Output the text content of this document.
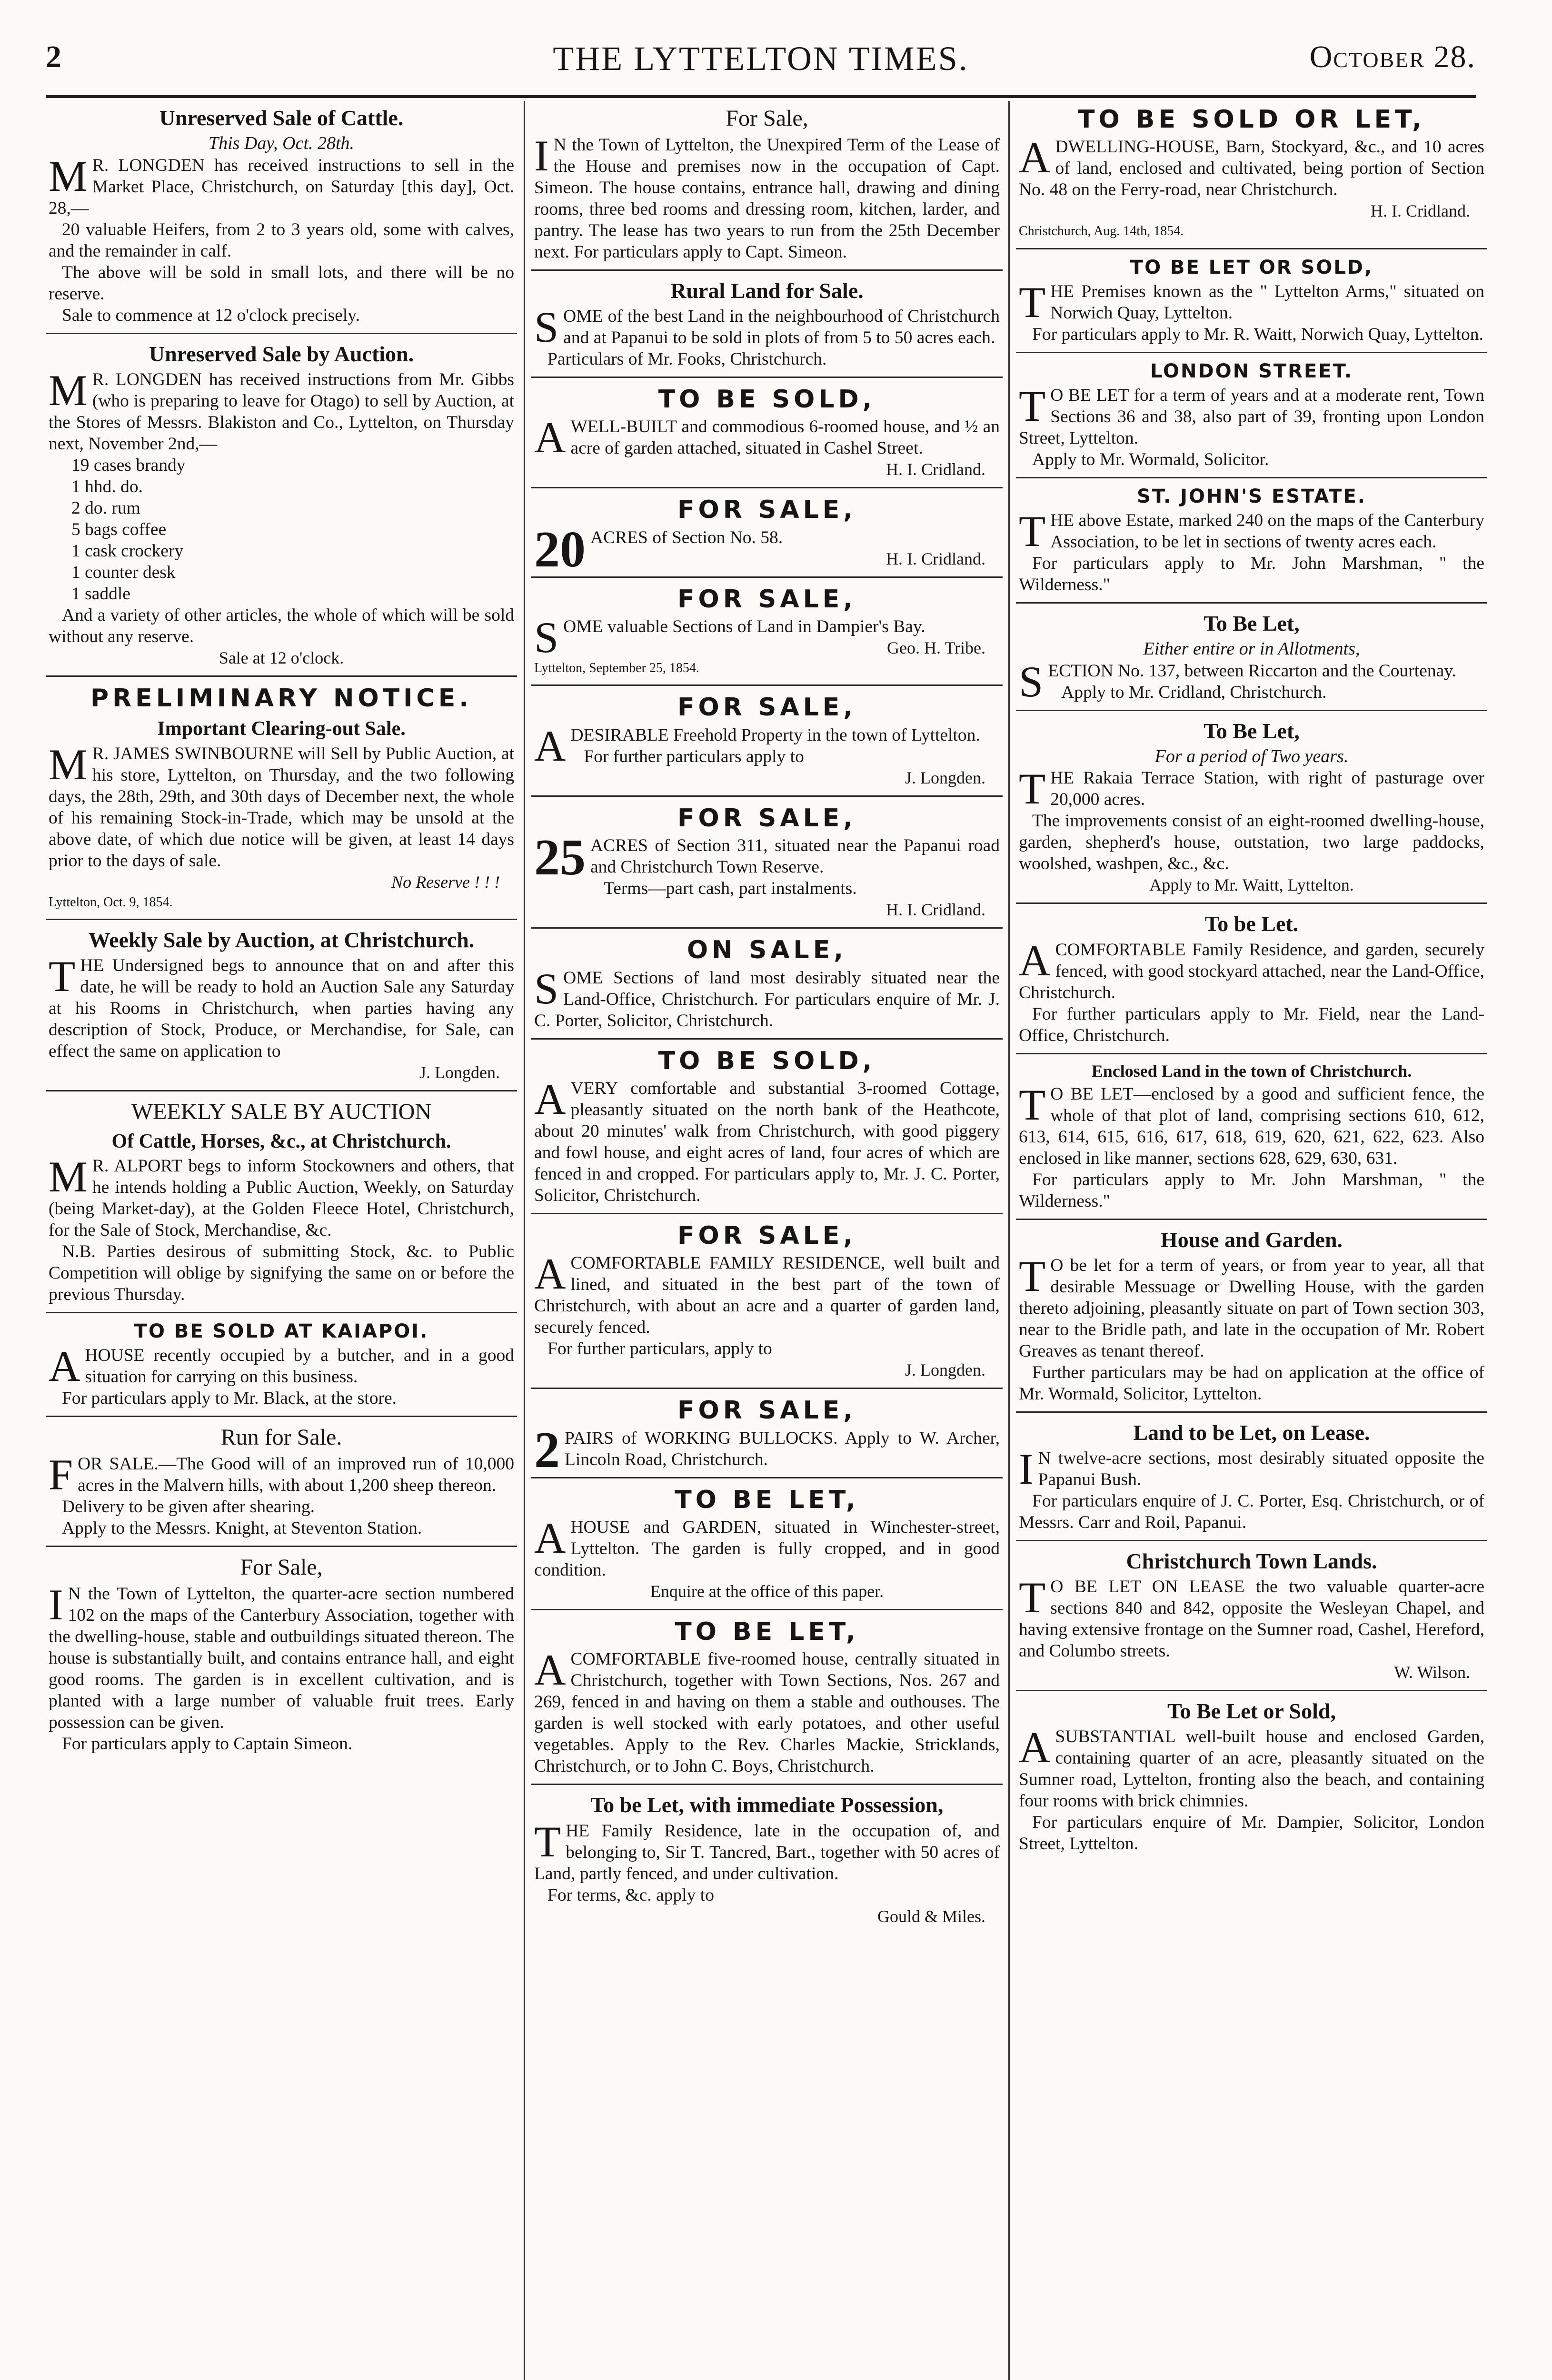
2	THE LYTTELTON TIMES.	October 28.
Unreserved Sale of Cattle.
This Day, Oct. 28th.

M R. LONGDEN has received instructions to sell in the Market Place, Christchurch, on Saturday [this day], Oct. 28,—

20 valuable Heifers, from 2 to 3 years old, some with calves, and the remainder in calf.

The above will be sold in small lots, and there will be no reserve.

Sale to commence at 12 o'clock precisely.

Unreserved Sale by Auction.

M R. LONGDEN has received instructions from Mr. Gibbs (who is preparing to leave for Otago) to sell by Auction, at the Stores of Messrs. Blakiston and Co., Lyttelton, on Thursday next, November 2nd,—

19 cases brandy

1 hhd. do.

2 do. rum

5 bags coffee

1 cask crockery

1 counter desk

1 saddle

And a variety of other articles, the whole of which will be sold without any reserve.

Sale at 12 o'clock.

PRELIMINARY NOTICE.
Important Clearing-out Sale.

M R. JAMES SWINBOURNE will Sell by Public Auction, at his store, Lyttelton, on Thursday, and the two following days, the 28th, 29th, and 30th days of December next, the whole of his remaining Stock-in-Trade, which may be unsold at the above date, of which due notice will be given, at least 14 days prior to the days of sale.

No Reserve ! ! !

Lyttelton, Oct. 9, 1854.

Weekly Sale by Auction, at Christchurch.

THE Undersigned begs to announce that on and after this date, he will be ready to hold an Auction Sale any Saturday at his Rooms in Christchurch, when parties having any description of Stock, Produce, or Merchandise, for Sale, can effect the same on application to

J. Longden.

WEEKLY SALE BY AUCTION
Of Cattle, Horses, &c., at Christchurch.

M R. ALPORT begs to inform Stockowners and others, that he intends holding a Public Auction, Weekly, on Saturday (being Market-day), at the Golden Fleece Hotel, Christchurch, for the Sale of Stock, Merchandise, &c.

N.B. Parties desirous of submitting Stock, &c. to Public Competition will oblige by signifying the same on or before the previous Thursday.

TO BE SOLD AT KAIAPOI.

AHOUSE recently occupied by a butcher, and in a good situation for carrying on this business.

For particulars apply to Mr. Black, at the store.

Run for Sale.

FOR SALE.—The Good will of an improved run of 10,000 acres in the Malvern hills, with about 1,200 sheep thereon.

Delivery to be given after shearing.

Apply to the Messrs. Knight, at Steventon Station.

For Sale,

I N the Town of Lyttelton, the quarter-acre section numbered 102 on the maps of the Canterbury Association, together with the dwelling-house, stable and outbuildings situated thereon. The house is substantially built, and contains entrance hall, and eight good rooms. The garden is in excellent cultivation, and is planted with a large number of valuable fruit trees. Early possession can be given.

For particulars apply to Captain Simeon.

For Sale,

I N the Town of Lyttelton, the Unexpired Term of the Lease of the House and premises now in the occupation of Capt. Simeon. The house contains, entrance hall, drawing and dining rooms, three bed rooms and dressing room, kitchen, larder, and pantry. The lease has two years to run from the 25th December next. For particulars apply to Capt. Simeon.

Rural Land for Sale.

SOME of the best Land in the neighbourhood of Christchurch and at Papanui to be sold in plots of from 5 to 50 acres each.

Particulars of Mr. Fooks, Christchurch.

TO BE SOLD,

AWELL-BUILT and commodious 6-roomed house, and ½ an acre of garden attached, situated in Cashel Street.

H. I. Cridland.

FOR SALE,

20 ACRES of Section No. 58.

H. I. Cridland.

FOR SALE,

SOME valuable Sections of Land in Dampier's Bay.

Geo. H. Tribe.

Lyttelton, September 25, 1854.

FOR SALE,

ADESIRABLE Freehold Property in the town of Lyttelton.

For further particulars apply to

J. Longden.

FOR SALE,

25 ACRES of Section 311, situated near the Papanui road and Christchurch Town Reserve.

Terms—part cash, part instalments.

H. I. Cridland.

ON SALE,

SOME Sections of land most desirably situated near the Land-Office, Christchurch. For particulars enquire of Mr. J. C. Porter, Solicitor, Christchurch.

TO BE SOLD,

AVERY comfortable and substantial 3-roomed Cottage, pleasantly situated on the north bank of the Heathcote, about 20 minutes' walk from Christchurch, with good piggery and fowl house, and eight acres of land, four acres of which are fenced in and cropped. For particulars apply to, Mr. J. C. Porter, Solicitor, Christchurch.

FOR SALE,

ACOMFORTABLE FAMILY RESIDENCE, well built and lined, and situated in the best part of the town of Christchurch, with about an acre and a quarter of garden land, securely fenced.

For further particulars, apply to

J. Longden.

FOR SALE,

2 PAIRS of WORKING BULLOCKS. Apply to W. Archer, Lincoln Road, Christchurch.

TO BE LET,

AHOUSE and GARDEN, situated in Winchester-street, Lyttelton. The garden is fully cropped, and in good condition.

Enquire at the office of this paper.

TO BE LET,

ACOMFORTABLE five-roomed house, centrally situated in Christchurch, together with Town Sections, Nos. 267 and 269, fenced in and having on them a stable and outhouses. The garden is well stocked with early potatoes, and other useful vegetables. Apply to the Rev. Charles Mackie, Stricklands, Christchurch, or to John C. Boys, Christchurch.

To be Let, with immediate Possession,

THE Family Residence, late in the occupation of, and belonging to, Sir T. Tancred, Bart., together with 50 acres of Land, partly fenced, and under cultivation.

For terms, &c. apply to

Gould & Miles.

TO BE SOLD OR LET,

ADWELLING-HOUSE, Barn, Stockyard, &c., and 10 acres of land, enclosed and cultivated, being portion of Section No. 48 on the Ferry-road, near Christchurch.

H. I. Cridland.

Christchurch, Aug. 14th, 1854.

TO BE LET OR SOLD,

THE Premises known as the " Lyttelton Arms," situated on Norwich Quay, Lyttelton.

For particulars apply to Mr. R. Waitt, Norwich Quay, Lyttelton.

LONDON STREET.

T O BE LET for a term of years and at a moderate rent, Town Sections 36 and 38, also part of 39, fronting upon London Street, Lyttelton.

Apply to Mr. Wormald, Solicitor.

ST. JOHN'S ESTATE.

THE above Estate, marked 240 on the maps of the Canterbury Association, to be let in sections of twenty acres each.

For particulars apply to Mr. John Marshman, " the Wilderness."

To Be Let,
Either entire or in Allotments,

SECTION No. 137, between Riccarton and the Courtenay.

Apply to Mr. Cridland, Christchurch.

To Be Let,
For a period of Two years.

THE Rakaia Terrace Station, with right of pasturage over 20,000 acres.

The improvements consist of an eight-roomed dwelling-house, garden, shepherd's house, outstation, two large paddocks, woolshed, washpen, &c., &c.

Apply to Mr. Waitt, Lyttelton.

To be Let.

ACOMFORTABLE Family Residence, and garden, securely fenced, with good stockyard attached, near the Land-Office, Christchurch.

For further particulars apply to Mr. Field, near the Land-Office, Christchurch.

Enclosed Land in the town of Christchurch.

T O BE LET—enclosed by a good and sufficient fence, the whole of that plot of land, comprising sections 610, 612, 613, 614, 615, 616, 617, 618, 619, 620, 621, 622, 623. Also enclosed in like manner, sections 628, 629, 630, 631.

For particulars apply to Mr. John Marshman, " the Wilderness."

House and Garden.

T O be let for a term of years, or from year to year, all that desirable Messuage or Dwelling House, with the garden thereto adjoining, pleasantly situate on part of Town section 303, near to the Bridle path, and late in the occupation of Mr. Robert Greaves as tenant thereof.

Further particulars may be had on application at the office of Mr. Wormald, Solicitor, Lyttelton.

Land to be Let, on Lease.

I N twelve-acre sections, most desirably situated opposite the Papanui Bush.

For particulars enquire of J. C. Porter, Esq. Christchurch, or of Messrs. Carr and Roil, Papanui.

Christchurch Town Lands.

T O BE LET ON LEASE the two valuable quarter-acre sections 840 and 842, opposite the Wesleyan Chapel, and having extensive frontage on the Sumner road, Cashel, Hereford, and Columbo streets.

W. Wilson.

To Be Let or Sold,

ASUBSTANTIAL well-built house and enclosed Garden, containing quarter of an acre, pleasantly situated on the Sumner road, Lyttelton, fronting also the beach, and containing four rooms with brick chimnies.

For particulars enquire of Mr. Dampier, Solicitor, London Street, Lyttelton.
